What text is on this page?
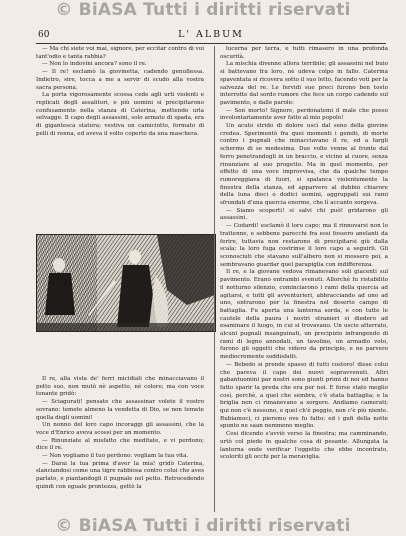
© BiASA Tutti i diritti riservati
60	L' ALBUM

— Ma chi siete voi mai, signore, per eccitar contro di voi tant'odio e tanta rabbia?

— Non lo indovini ancora? sono il re.

— Il re! esclamò la giovinetta, cadendo genuflessa. Indietro, sire, tocca a me a servir di scudo alla vostra sacra persona.

La porta vigorosamente scossa cede agli urti violenti e replicati degli assalitori, e più uomini si precipitarono confusamente nella stanza di Caterina, mettendo urla selvagge. Il capo degli assassini, solo armato di spada, era di gigantesca statura; vestiva un camiciotto, formato di pelli di renna, ed aveva il volto coperto da una maschera.

Il re, alla vista de' ferri micidiali che minacciavano il petto suo, non mutò nè aspetto, nè colore; ma con voce tonante gridò:

— Sciagurati! pensate che assassinar volete il vostro sovrano: temete almeno la vendetta di Dio, se non temete quella degli uomini!

Un nonno del loro capo incoraggi gli assassini, che la voce d'Enrico aveva scossi per un momento.

— Rinunziate al misfatto che meditate, e vi perdono; dice il re.

— Non vogliamo il tuo perdono: vogliam la tua vita.

— Darai la tua prima d'aver la mia! gridò Caterina, slanciandosi come una tigre rabbiosa contro colui che aves parlato, e piantandogli il pugnale nel petto. Retrocedendo quindi con eguale prontezza, gettò la

lucerna per terra, e tutti rimasero in una profonda oscurità.

La mischia divenne allora terribile; gli assassini nel buio si battevano fra loro, nè udeva colpo in fallo. Caterina spaventata si ricovera sotto il suo letto, facendo voti per la salvezza del re. Le fervidi sue preci furono ben tosto interrotte dal sordo rumore che fece un corpo cadendo sul pavimento, e dalle parole:

— Son morto! Signore, perdonatemi il male che posso involontariamente aver fatto al mio popolo!

Un acuto strido di dolore uscì dal seno della giovine credea. Sperimentò fra quei momenti i gemiti, di morte contro i pugnali che minacciavano il re, ed a fargli schermo di se medesima. Due volte venne al fronte dal ferro penetrandogli in un braccio, e vicino al cuore, senza rinunziare al suo progetto. Ma in quel momento, per effetto di una voce improvvisa, che da qualche tempo rumoreggiava di fuori, si spalanca violentemente la finestra della stanza, ed apparvero al dubbio chiarore della luna dieci o dodici uomini, aggruppati sui rami sfrondati d'una quercia enorme, che lì accanto sorgeva.

— Siamo scoperti! si salvi chi può! gridarono gli assassini.

— Codardi! esclamò il loro capo; ma il rinnovarsi non lo trattenne, e sebbene parecchi fra essi fossero anelanti da ferire, tuttavia non restarono di precipitarsi giù dalla scala; la loro fuga costrinse il loro capo a seguirli. Gli sconosciuti che stavano sull'albero non si mossero poi, a sembravano guardar quel parapiglia con indifferenza.

Il re, e la giovane vedova rimanevano soli giacenti sul pavimento. Erano entrambi svenuti. Allorché fu ristabilito il notturno silenzio, cominciarono i rami della quercia ad agitarsi, e tutti gli avventurieri, abbracciando ad uno ad uno, entrarono per la finestra nel deserto campo di battaglia. Fu aperta una lanterna sorda, e con tutte le cautele della paura i nostri stranieri si diedero ad esaminare il luogo, in cui si trovavano. Un uscio atterrato, alcuni pugnali insanguinati, un precipizio infrangendo di rami di legno annodati, un tavolino, un armadio voto, furono gli oggetti che videro da principio, e ne parvero mediocremente soddisfatti.

— Bebedo si prende spasso di tutti costoro! disse colui che pareva il capo dei nuovi sopravvenuti. Altri gabantuomini par nostri sono giunti primi di noi ed hanno fatto sparir la preda che era per noi. E forse stato meglio così, perchè, a quel che sembra, c'è stata battaglia; e la briglia non ci rimanevano a sorgere. Andiamo camerati; qui non c'è nessuno, e quel ch'è peggio, non c'è più niente. Rubiamoci, ci pieremo ove fu fatto; ed i gufi della notte spunto ne saan nemmeno meglio.

Cosi dicendo s'avviò verso la finestra; ma camminando, urtò col piede in qualche cosa di pesante. Allungata la lanterna onde verificar l'oggetto che ebbe incontrato, scoloriti gli occhi per la meraviglia.

© BiASA Tutti i diritti riservati
